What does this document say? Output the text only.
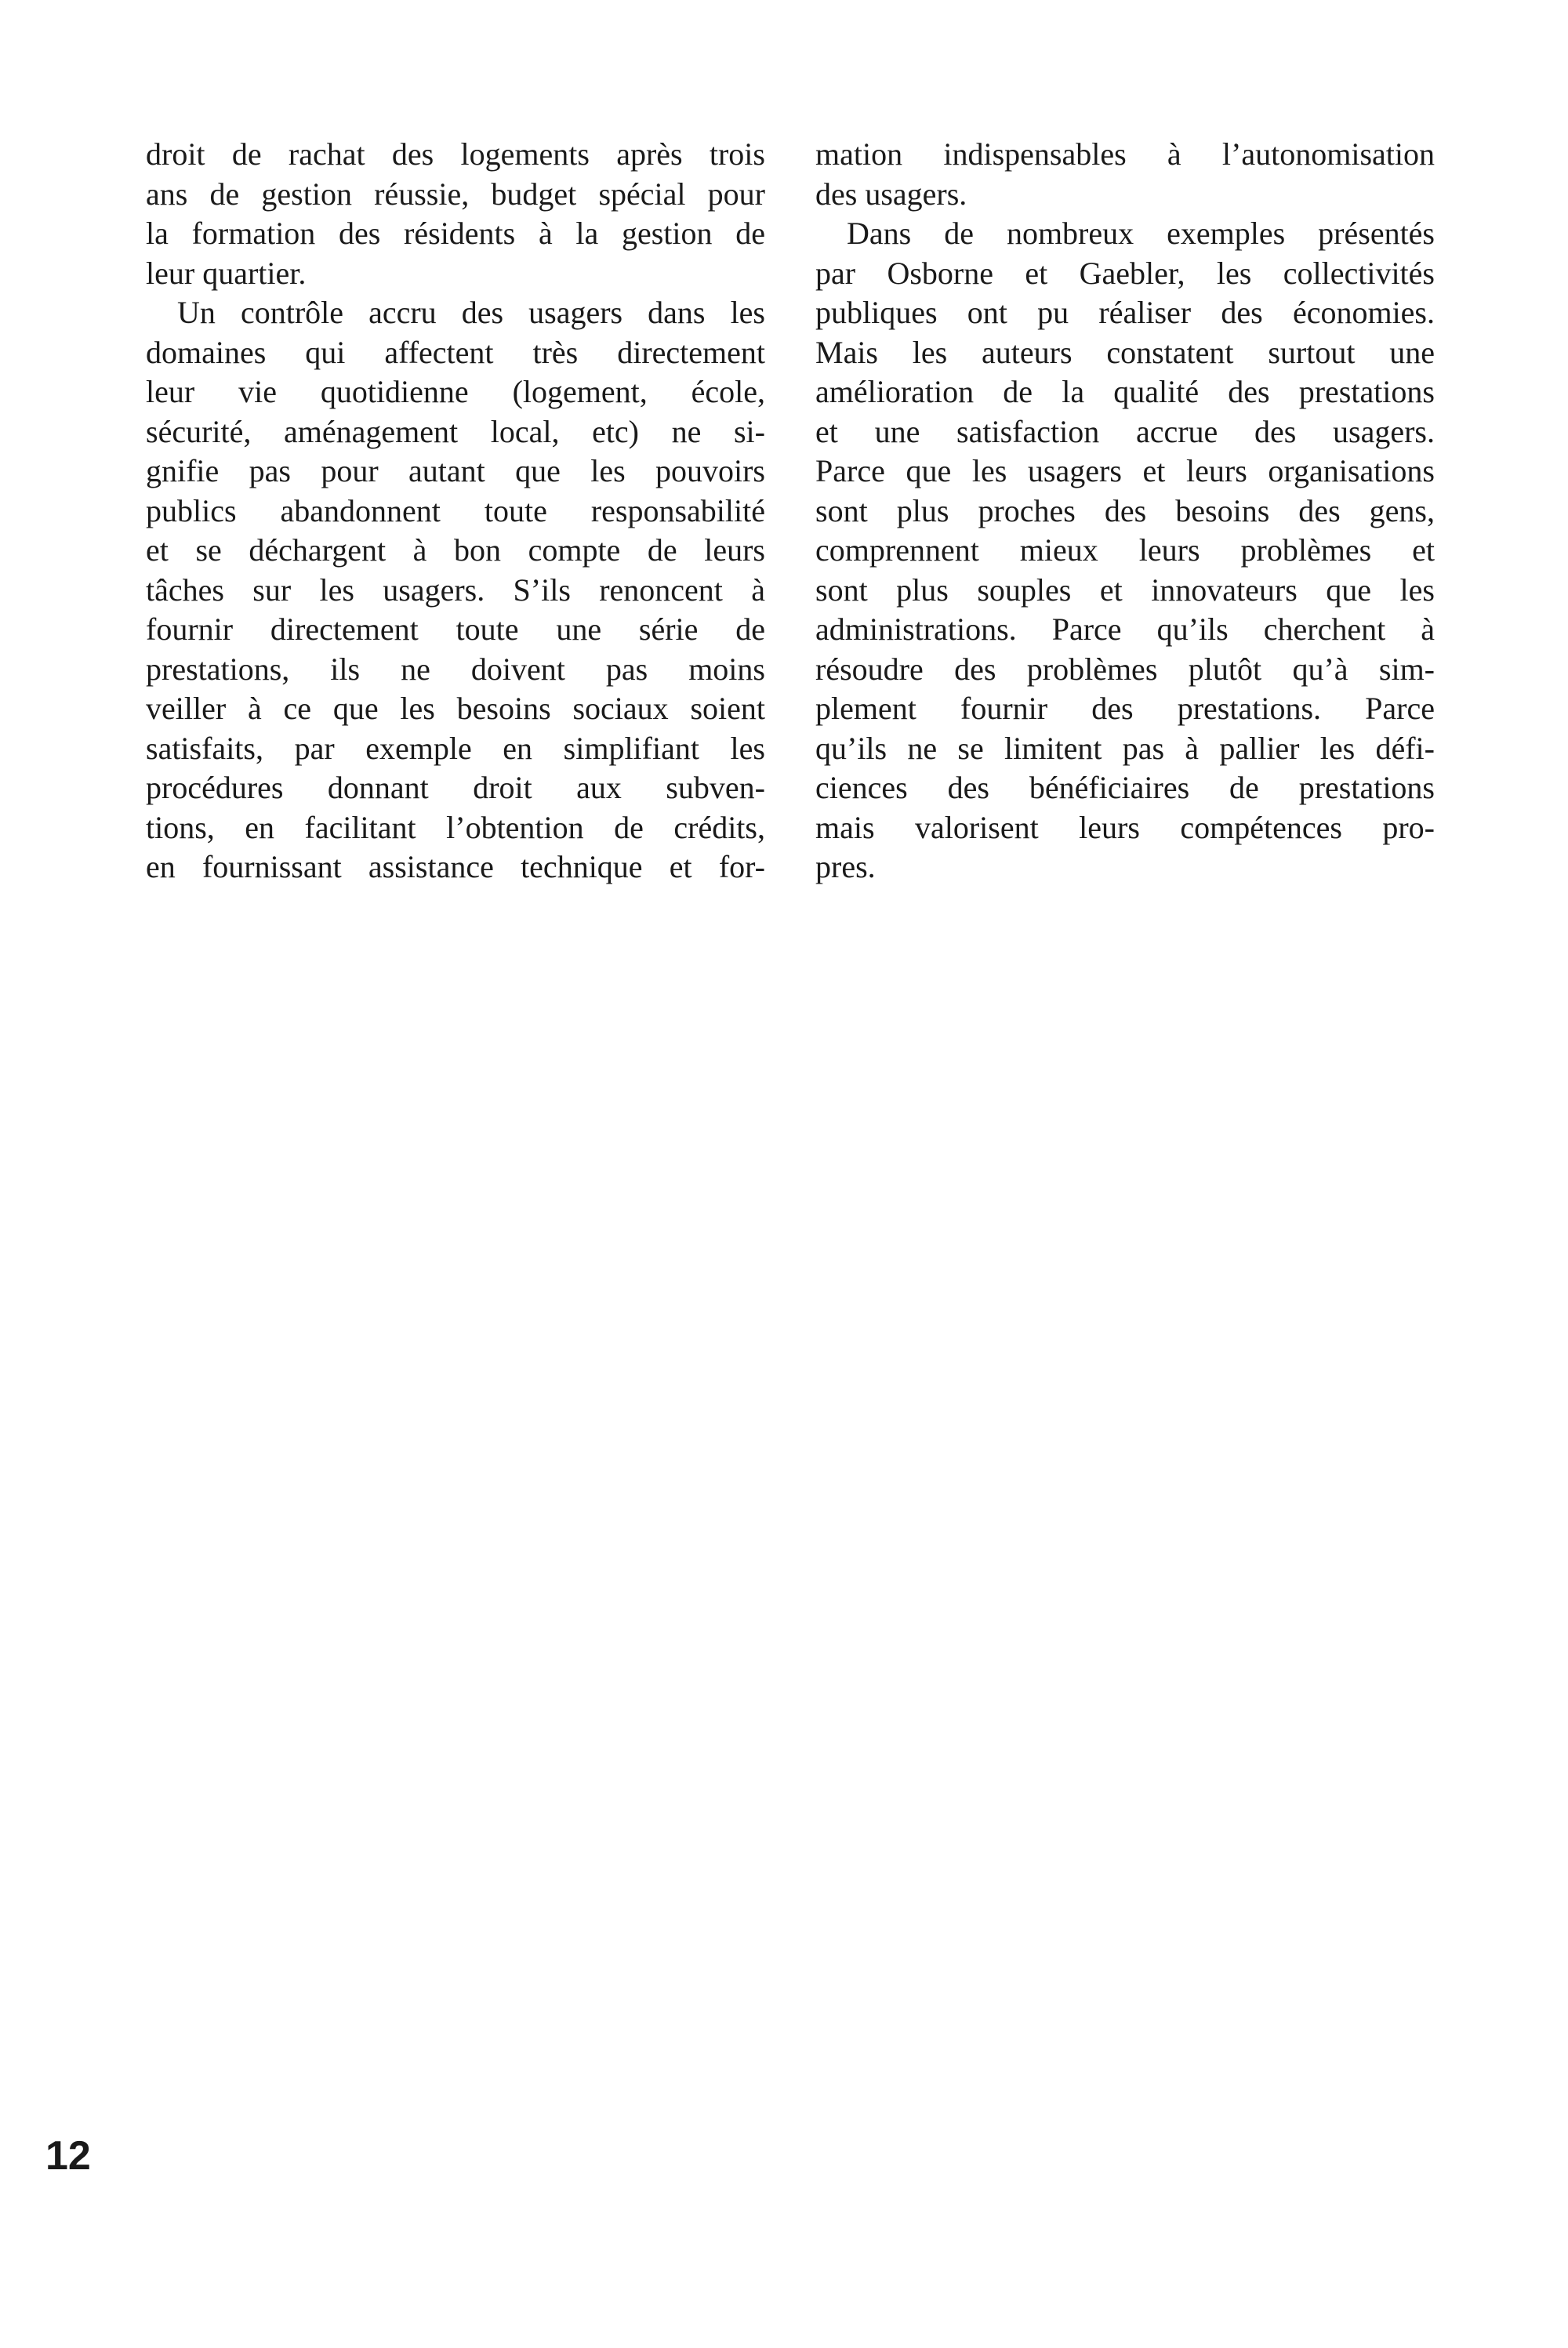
droit de rachat des logements après trois
ans de gestion réussie, budget spécial pour
la formation des résidents à la gestion de
leur quartier.
Un contrôle accru des usagers dans les
domaines qui affectent très directement
leur vie quotidienne (logement, école,
sécurité, aménagement local, etc) ne si-
gnifie pas pour autant que les pouvoirs
publics abandonnent toute responsabilité
et se déchargent à bon compte de leurs
tâches sur les usagers. S’ils renoncent à
fournir directement toute une série de
prestations, ils ne doivent pas moins
veiller à ce que les besoins sociaux soient
satisfaits, par exemple en simplifiant les
procédures donnant droit aux subven-
tions, en facilitant l’obtention de crédits,
en fournissant assistance technique et for-
mation indispensables à l’autonomisation
des usagers.
Dans de nombreux exemples présentés
par Osborne et Gaebler, les collectivités
publiques ont pu réaliser des économies.
Mais les auteurs constatent surtout une
amélioration de la qualité des prestations
et une satisfaction accrue des usagers.
Parce que les usagers et leurs organisations
sont plus proches des besoins des gens,
comprennent mieux leurs problèmes et
sont plus souples et innovateurs que les
administrations. Parce qu’ils cherchent à
résoudre des problèmes plutôt qu’à sim-
plement fournir des prestations. Parce
qu’ils ne se limitent pas à pallier les défi-
ciences des bénéficiaires de prestations
mais valorisent leurs compétences pro-
pres.
12
